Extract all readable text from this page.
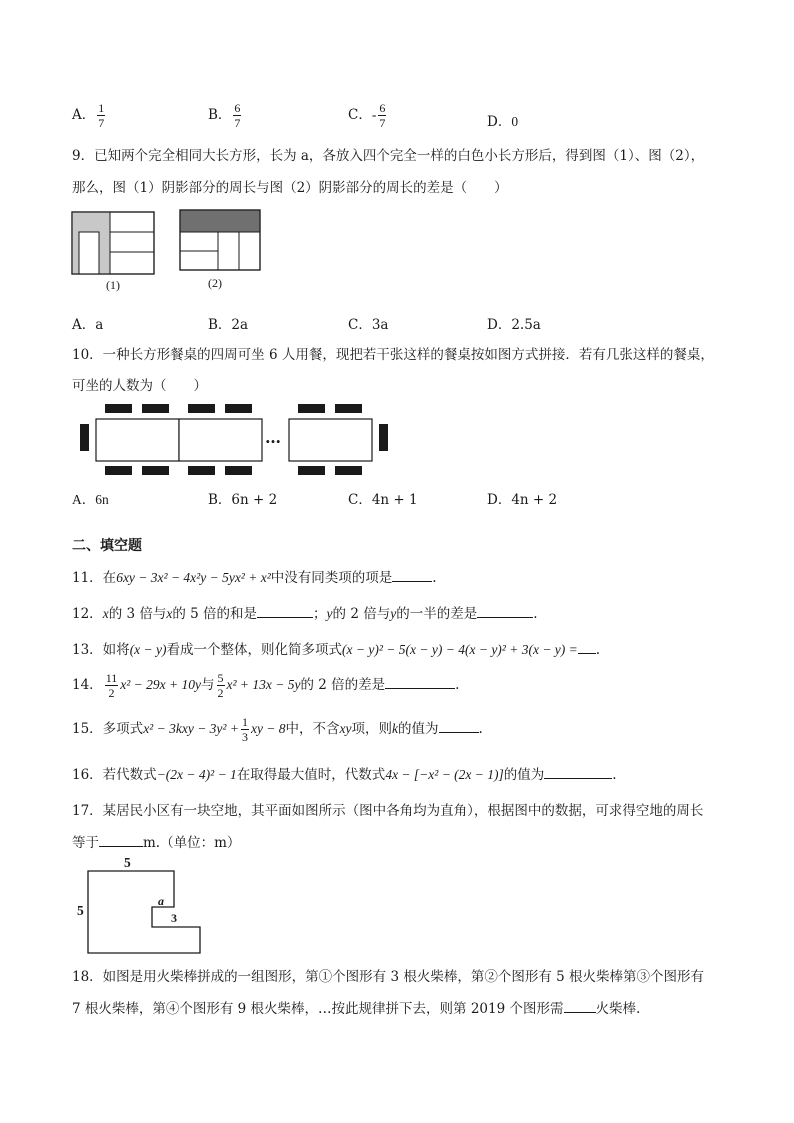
A． $\frac{1}{7}$	B． $\frac{6}{7}$	C．- $\frac{6}{7}$	D．0
9．已知两个完全相同大长方形，长为 a，各放入四个完全一样的白色小长方形后，得到图（1）、图（2），
那么，图（1）阴影部分的周长与图（2）阴影部分的周长的差是（　　）
(1)	(2)
A．a	B．2a	C．3a	D．2.5a
10．一种长方形餐桌的四周可坐 6 人用餐，现把若干张这样的餐桌按如图方式拼接．若有几张这样的餐桌，
可坐的人数为（　　）
…
A．6n	B．6n + 2	C．4n + 1	D．4n + 2
二、填空题
11．在6xy − 3x² − 4x²y − 5yx² + x²中没有同类项的项是	.
12．x的 3 倍与x的 5 倍的和是	；y的 2 倍与y的一半的差是	.
13．如将(x − y)看成一个整体，则化简多项式(x − y)² − 5(x − y) − 4(x − y)² + 3(x − y) = .
14． $\frac{11}{2} x^2 - 29x + 10y$与 $\frac{5}{2} x^2 + 13x - 5y$的 2 倍的差是	.
15．多项式$x^2 - 3kxy - 3y^2 + \frac{1}{3}$ xy − 8中，不含xy项，则k的值为	.
16．若代数式−(2x − 4)² − 1在取得最大值时，代数式4x − [−x² − (2x − 1)]的值为	.
17．某居民小区有一块空地，其平面如图所示（图中各角均为直角），根据图中的数据，可求得空地的周长
等于	m.（单位：m）
5
5
a
3
18．如图是用火柴棒拼成的一组图形，第①个图形有 3 根火柴棒，第②个图形有 5 根火柴棒第③个图形有
7 根火柴棒，第④个图形有 9 根火柴棒，…按此规律拼下去，则第 2019 个图形需 火柴棒.
